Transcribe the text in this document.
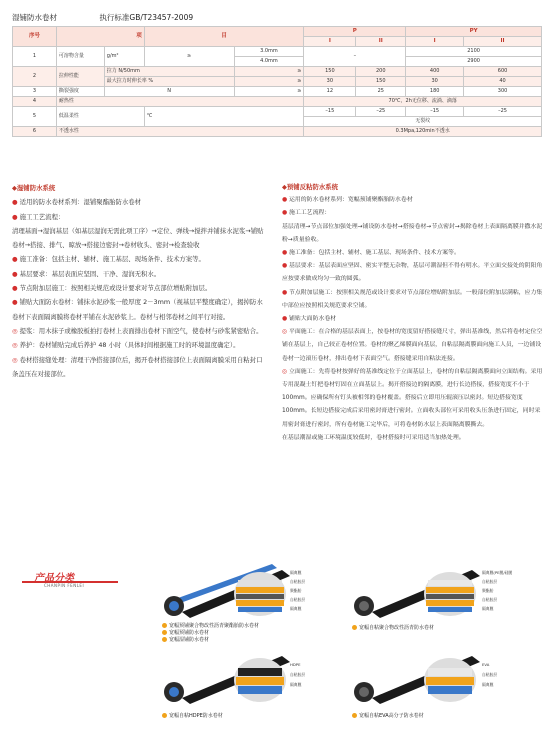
湿铺防水卷材	执行标准GB/T23457-2009
序号	项		目		P		PY	
					I	II	I	II
1	可溶物含量	g/m²	≥	3.0mm	–		2100	
				4.0mm			2900	
2	拉伸性能	拉力 N/50mm		≥	150	200	400	600
		最大拉力时伸长率 %		≥	30	150	30	40
3	撕裂强度	N		≥	12	25	180	300
4	耐热性				70℃，2h无位移、流淌、滴落			
5	低温柔性		℃		–15	–25	–15	–25
					无裂纹			
6	不透水性				0.3Mpa,120min不透水			
◆湿铺防水系统
● 适用的防水卷材系列：湿铺聚酯胎防水卷材
● 施工工艺流程：
清理基面→湿润基层（如基层湿润无需此项工序）→定位、弹线→搅拌并铺抹水泥浆→铺贴卷材→搭接、排气、晾放→搭接边密封→卷材收头、密封→检查验收
● 施工准备：包括主材、辅材、施工基层、现场条件、技术方案等。
● 基层要求：基层表面应坚固、干净、湿润无积水。
● 节点附加层施工：按照相关规范或设计要求对节点部位增贴附加层。
● 铺贴大面防水卷材：铺抹水泥砂浆一般厚度 2－3mm（视基层平整度确定），揭掉防水卷材下表面隔离膜将卷材平铺在水泥砂浆上。卷材与相邻卷材之间平行对接。
◎ 提浆：用木抹子或橡胶板拍打卷材上表面排出卷材下面空气，使卷材与砂浆紧密贴合。
◎ 养护：卷材铺贴完成后养护 48 小时（具体时间根据施工时的环境温度确定）。
◎ 卷材搭接缝处理：清理干净搭接部位后，揭开卷材搭接部位上表面隔离膜采用自粘封口条盖压在对接部位。
◆预铺反粘防水系统
● 运用的防水卷材系列：宽幅预铺聚酯胎防水卷材
● 施工工艺流程：
基层清理→节点部位加强处理→铺设防水卷材→搭接卷材→节点密封→揭除卷材上表面隔离膜并撒水泥粉→质量验收。
● 施工准备：包括主材、辅材、施工基层、现场条件、技术方案等。
● 基层要求：基层表面应坚固、密实平整无杂物，基层可潮湿但不得有明水。平立面交接处的阴阳角应按要求做成均匀一致的圆弧。
● 节点附加层施工：按照相关规范或设计要求对节点部位增贴附加层。一般部位附加层满粘，应力集中部位应按照相关规范要求空铺。
● 铺贴大面防水卷材
◎ 平面施工：在合格的基层表面上，按卷材的宽度留好搭接缝尺寸，弹出基准线，然后将卷材定位空铺在基层上，自己较正卷材位置。卷材的聚乙烯膜面向基层，自粘层隔离膜面向施工人员，一边铺设卷材一边滚压卷材，排出卷材下表面空气。搭接缝采用自粘法连接。
◎ 立面施工：先将卷材按弹好的基准线定位于立面基层上，卷材的自粘层隔离膜面向立面结构。采用专用混凝土钉把卷材钉固在立面基层上。揭开搭接边的隔离膜，进行长边搭接，搭接宽度不小于100mm。应确保所有钉头被相邻的卷材覆盖。搭接后立即用压辊滚压以密封。短边搭接宽度100mm。长短边搭接完成后采用密封膏进行密封。立面收头部位可采用收头压条进行固定，同时采用密封膏进行密封，所有卷材施工完毕后，可将卷材防水层上表面隔离膜撕去。
在基层潮湿或施工环境温度较低时，卷材搭接时可采用适当加热处理。
产品分类
CHANPIN FENLEI
隔离膜
自粘胶层
聚酯胎
自粘胶层
隔离膜
宽幅预铺聚合物改性沥青聚酯胎防水卷材
宽幅预铺防水卷材
宽幅湿铺防水卷材
隔离膜(PE膜/硅膜
自粘胶层
聚酯胎
自粘胶层
隔离膜
宽幅自粘聚合物改性沥青防水卷材
HDPE
自粘胶层
隔离膜
宽幅自粘HDPE防水卷材
EVA
自粘胶层
隔离膜
宽幅自粘EVA高分子防水卷材
